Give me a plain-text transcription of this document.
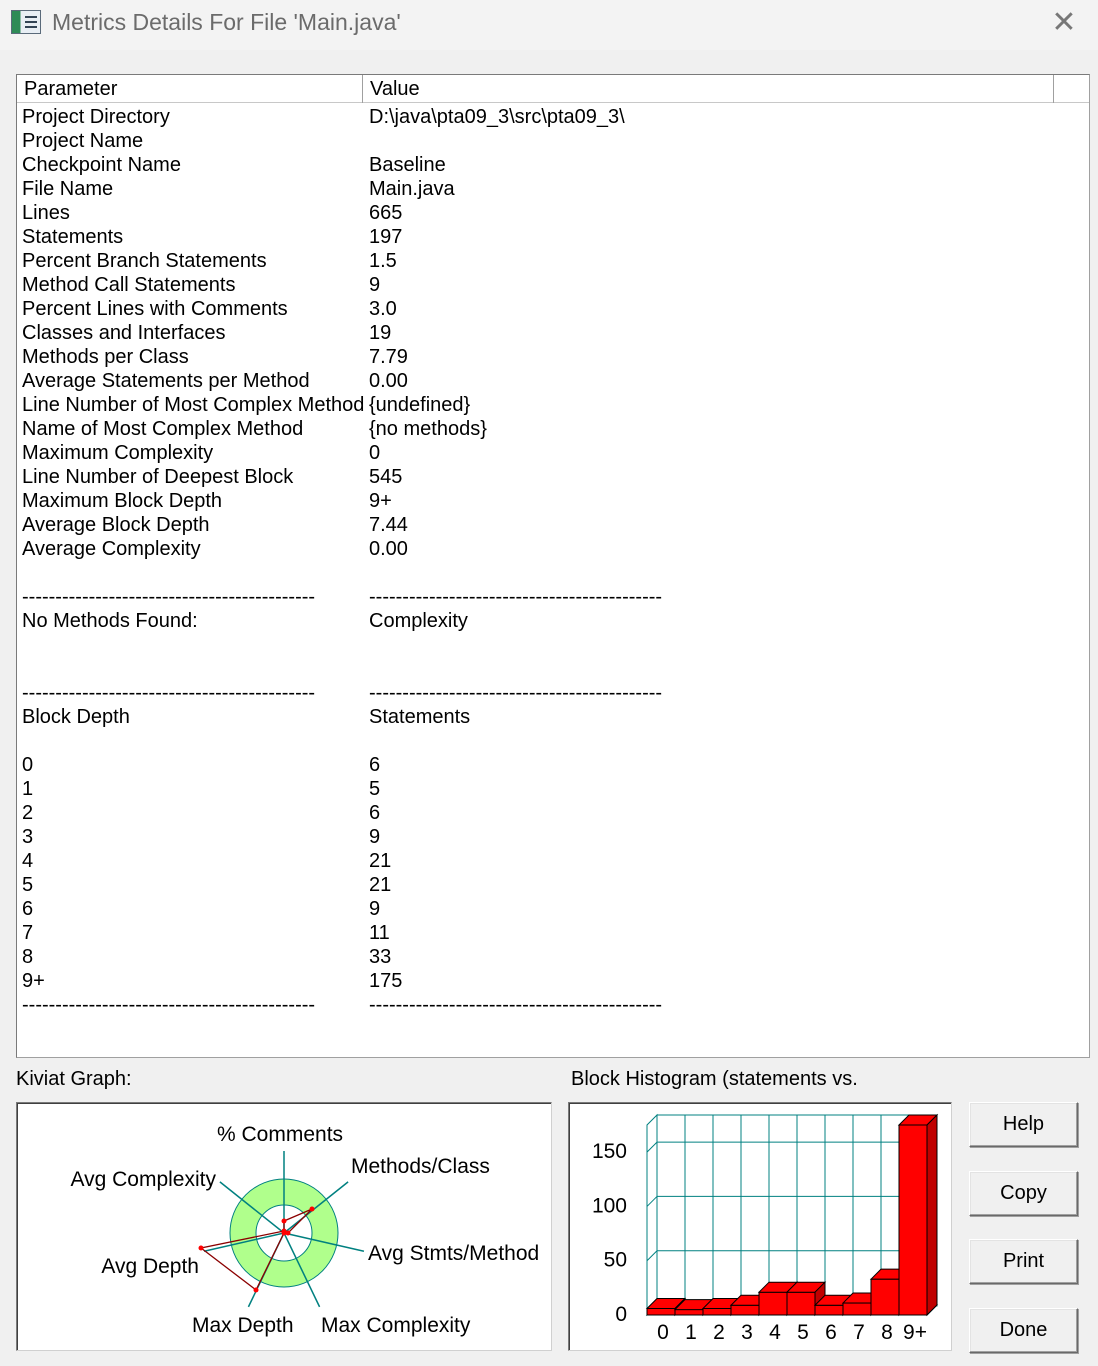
Metrics Details For File 'Main.java'	✕
Parameter	Value
Project Directory	D:\java\pta09_3\src\pta09_3\
Project Name
Checkpoint Name	Baseline
File Name	Main.java
Lines	665
Statements	197
Percent Branch Statements	1.5
Method Call Statements	9
Percent Lines with Comments	3.0
Classes and Interfaces	19
Methods per Class	7.79
Average Statements per Method	0.00
Line Number of Most Complex Method {undefined}
Name of Most Complex Method	{no methods}
Maximum Complexity	0
Line Number of Deepest Block	545
Maximum Block Depth	9+
Average Block Depth	7.44
Average Complexity	0.00
--------------------------------------------	--------------------------------------------
No Methods Found:	Complexity
--------------------------------------------	--------------------------------------------
Block Depth	Statements
0	6
1	5
2	6
3	9
4	21
5	21
6	9
7	11
8	33
9+	175
--------------------------------------------	--------------------------------------------
Kiviat Graph:
% Comments
Methods/Class
Avg Stmts/Method
Max Complexity
Max Depth
Avg Depth
Avg Complexity
Block Histogram (statements vs.
0
50
100
150
0 1 2 3 4 5 6 7 8 9+
Help
Copy
Print
Done
